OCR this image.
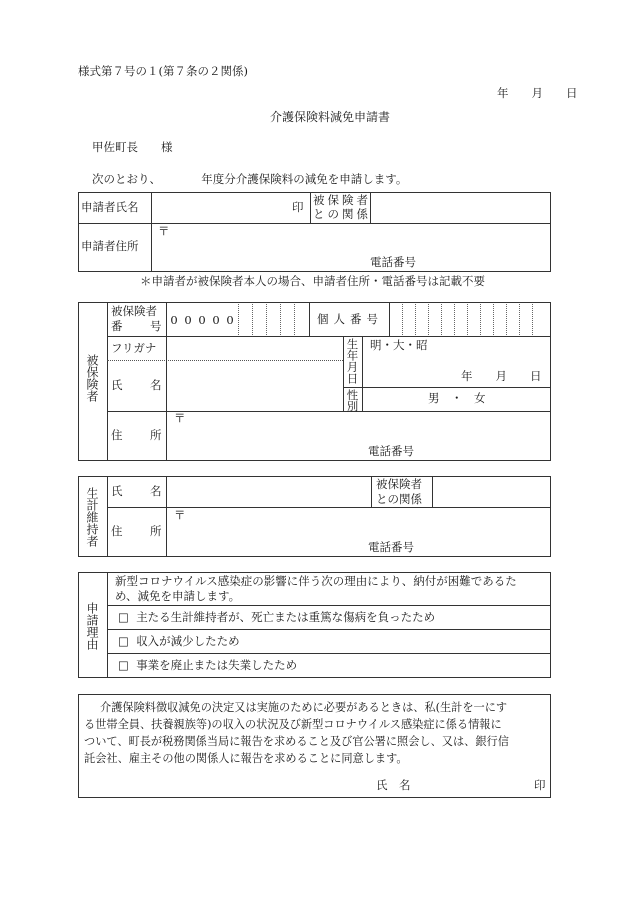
様式第７号の１(第７条の２関係)
年　　月　　日
介護保険料減免申請書
甲佐町長　　様
次のとおり、　　　　年度分介護保険料の減免を申請します。
申請者氏名	印 被保険者
との関係
申請者住所
〒
電話番号
＊申請者が被保険者本人の場合、申請者住所・電話番号は記載不要
被保険者
被保険者
番　号 0 0 0 0 0	個人番号
フリガナ
氏　名
生年月日 明・大・昭
年　　月　　日
性別	男　・　女
住　所
〒
電話番号
生計維持者 氏　名	被保険者
との関係
住　所
〒
電話番号
申請理由
新型コロナウイルス感染症の影響に伴う次の理由により、納付が困難であるた
め、減免を申請します。
□ 主たる生計維持者が、死亡または重篤な傷病を負ったため
□ 収入が減少したため
□ 事業を廃止または失業したため
介護保険料徴収減免の決定又は実施のために必要があるときは、私(生計を一にす
る世帯全員、扶養親族等)の収入の状況及び新型コロナウイルス感染症に係る情報に
ついて、町長が税務関係当局に報告を求めること及び官公署に照会し、又は、銀行信
託会社、雇主その他の関係人に報告を求めることに同意します。
氏　名	印
